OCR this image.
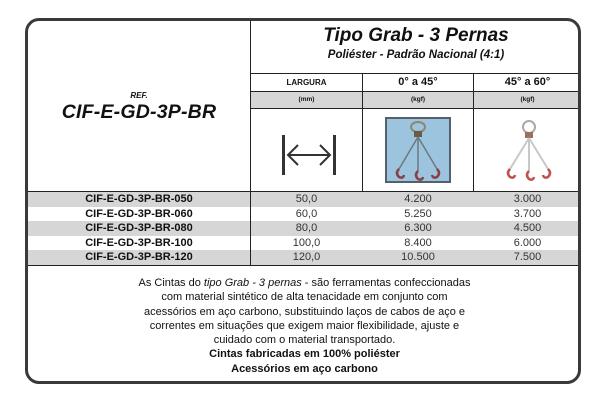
REF.
CIF-E-GD-3P-BR
Tipo Grab - 3 Pernas
Poliéster - Padrão Nacional (4:1)
LARGURA	0° a 45°	45° a 60°
(mm)	(kgf)	(kgf)
CIF-E-GD-3P-BR-050	50,0	4.200	3.000
CIF-E-GD-3P-BR-060	60,0	5.250	3.700
CIF-E-GD-3P-BR-080	80,0	6.300	4.500
CIF-E-GD-3P-BR-100	100,0	8.400	6.000
CIF-E-GD-3P-BR-120	120,0	10.500	7.500
As Cintas do tipo Grab - 3 pernas - são ferramentas confeccionadas
com material sintético de alta tenacidade em conjunto com
acessórios em aço carbono, substituindo laços de cabos de aço e
correntes em situações que exigem maior flexibilidade, ajuste e
cuidado com o material transportado.
Cintas fabricadas em 100% poliéster
Acessórios em aço carbono
